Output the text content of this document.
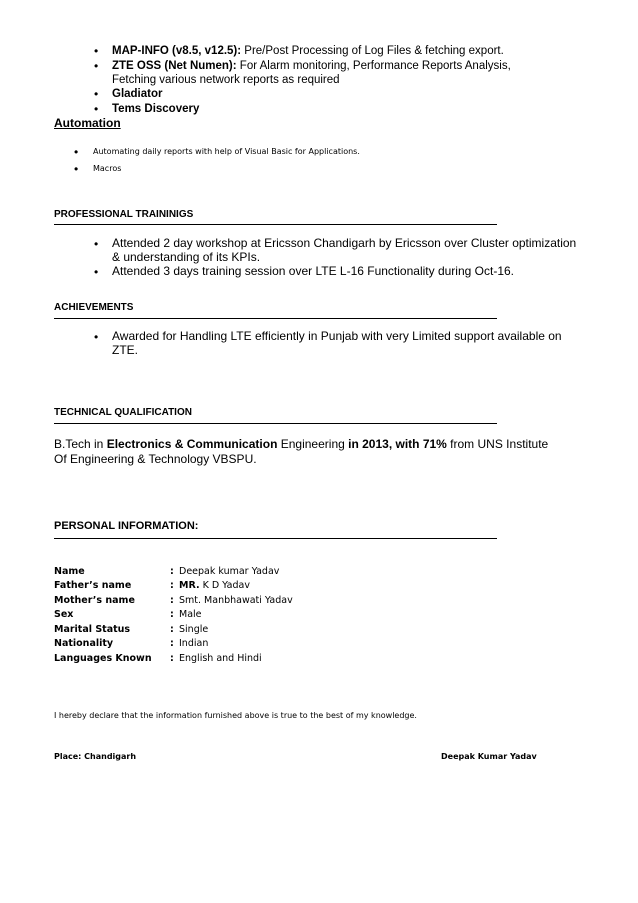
• MAP-INFO (v8.5, v12.5): Pre/Post Processing of Log Files & fetching export.
• ZTE OSS (Net Numen): For Alarm monitoring, Performance Reports Analysis,
Fetching various network reports as required
• Gladiator
• Tems Discovery
Automation
• Automating daily reports with help of Visual Basic for Applications.
• Macros
PROFESSIONAL TRAININIGS
• Attended 2 day workshop at Ericsson Chandigarh by Ericsson over Cluster optimization
& understanding of its KPIs.
• Attended 3 days training session over LTE L-16 Functionality during Oct-16.
ACHIEVEMENTS
• Awarded for Handling LTE efficiently in Punjab with very Limited support available on
ZTE.
TECHNICAL QUALIFICATION
B.Tech in Electronics & Communication Engineering in 2013, with 71% from UNS Institute
Of Engineering & Technology VBSPU.
PERSONAL INFORMATION:
Name	: Deepak kumar Yadav
Father’s name	: MR. K D Yadav
Mother’s name	: Smt. Manbhawati Yadav
Sex	: Male
Marital Status	: Single
Nationality	: Indian
Languages Known : English and Hindi
I hereby declare that the information furnished above is true to the best of my knowledge.
Place: Chandigarh	Deepak Kumar Yadav
